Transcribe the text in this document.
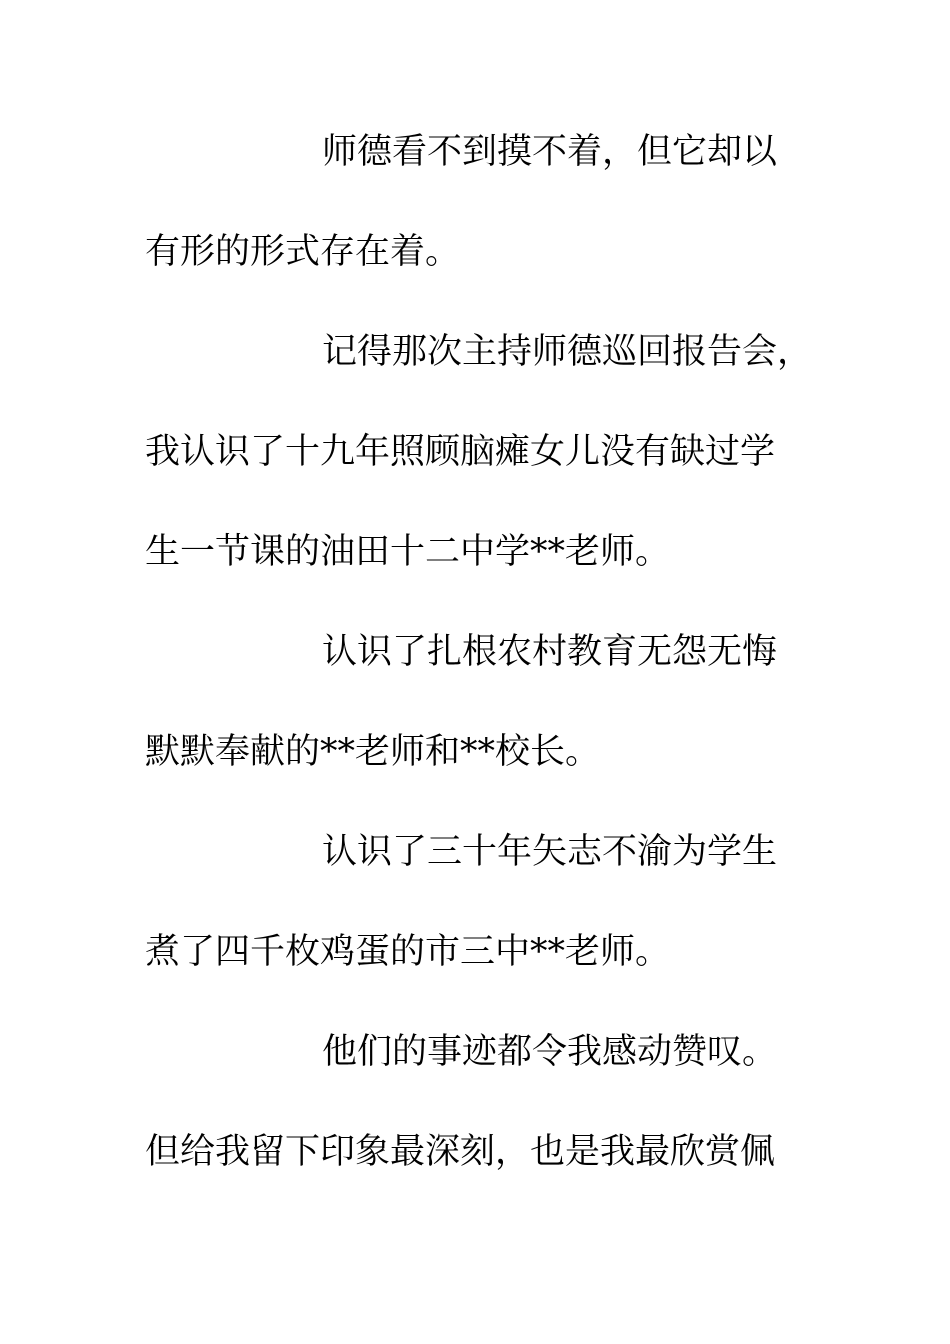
师德看不到摸不着，但它却以

有形的形式存在着。

记得那次主持师德巡回报告会，

我认识了十九年照顾脑瘫女儿没有缺过学

生一节课的油田十二中学**老师。

认识了扎根农村教育无怨无悔

默默奉献的**老师和**校长。

认识了三十年矢志不渝为学生

煮了四千枚鸡蛋的市三中**老师。

他们的事迹都令我感动赞叹。

但给我留下印象最深刻，也是我最欣赏佩
